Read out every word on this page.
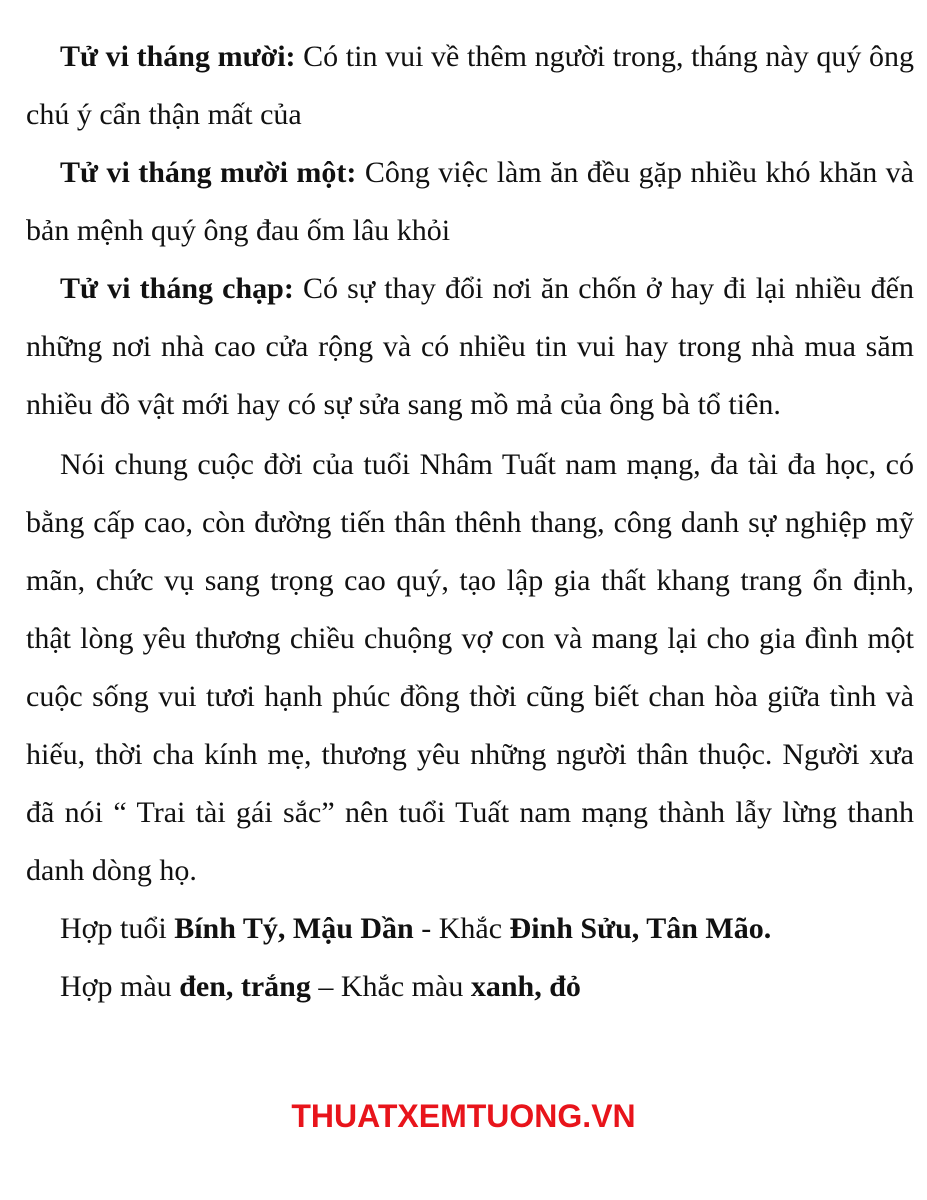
Tử vi tháng mười: Có tin vui về thêm người trong, tháng này quý ông chú ý cẩn thận mất của

Tử vi tháng mười một: Công việc làm ăn đều gặp nhiều khó khăn và bản mệnh quý ông đau ốm lâu khỏi

Tử vi tháng chạp: Có sự thay đổi nơi ăn chốn ở hay đi lại nhiều đến những nơi nhà cao cửa rộng và có nhiều tin vui hay trong nhà mua săm nhiều đồ vật mới hay có sự sửa sang mồ mả của ông bà tổ tiên.

Nói chung cuộc đời của tuổi Nhâm Tuất nam mạng, đa tài đa học, có bằng cấp cao, còn đường tiến thân thênh thang, công danh sự nghiệp mỹ mãn, chức vụ sang trọng cao quý, tạo lập gia thất khang trang ổn định, thật lòng yêu thương chiều chuộng vợ con và mang lại cho gia đình một cuộc sống vui tươi hạnh phúc đồng thời cũng biết chan hòa giữa tình và hiếu, thời cha kính mẹ, thương yêu những người thân thuộc. Người xưa đã nói “ Trai tài gái sắc” nên tuổi Tuất nam mạng thành lẫy lừng thanh danh dòng họ.

Hợp tuổi Bính Tý, Mậu Dần - Khắc Đinh Sửu, Tân Mão.

Hợp màu đen, trắng – Khắc màu xanh, đỏ

THUATXEMTUONG.VN
